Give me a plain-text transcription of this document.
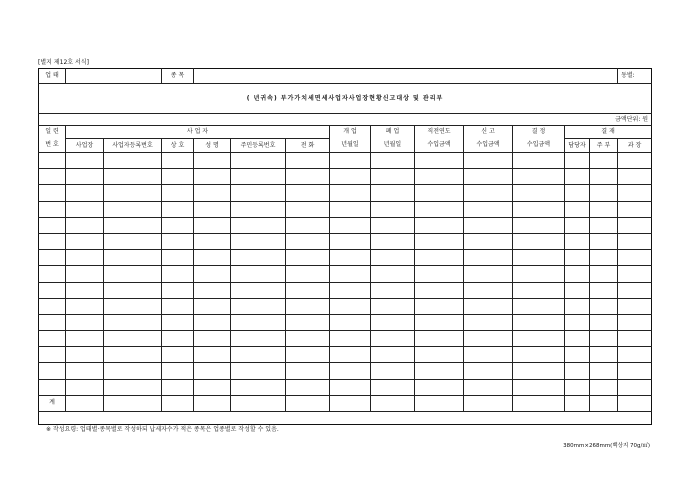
[별지 제12호 서식]
업 태			종 목											동별:
( 년귀속) 부가가치세면세사업자사업장현황신고대상 및 관리부														
금액단위: 원														
일 련	사 업 자						개 업	폐 업	직전연도	신 고	결 정	결 재		
번 호	사업장	사업자등록번호	상 호	성 명	주민등록번호	전 화	년월일	년월일	수입금액	수입금액	수입금액	담당자	주 부	과 장

계														

※ 작성요령: 업태별·종목별로 작성하되 납세자수가 적은 종목은 업종별로 작성할 수 있음.
380mm×268mm(백상지 70g/㎡)
